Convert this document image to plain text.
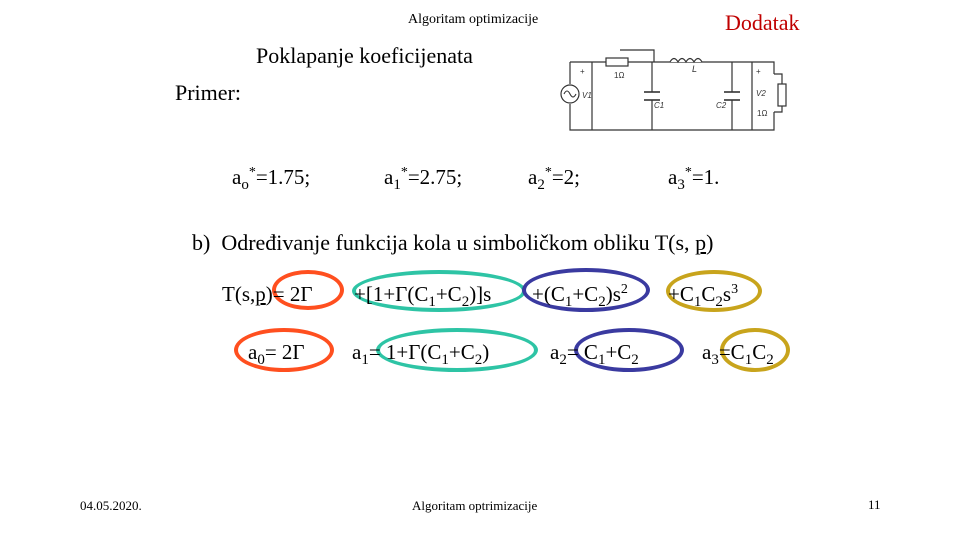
Algoritam optimizacije	Dodatak
Poklapanje koeficijenata
Primer:
1Ω
L
C1	C2
V1	V2
1Ω
+	+
$a_o^*=1.75$;	$a_1^*=2.75$;	$a_2^*=2$;	$a_3^*=1$.
b) Određivanje funkcija kola u simboličkom obliku T(s, p)
$T(s,p)= 2\Gamma +[1+\Gamma(C_1+C_2)]s +(C_1+C_2)s^2 +C_1C_2s^3$
$a_0= 2\Gamma$ $a_1= 1+\Gamma(C_1+C_2)$	$a_2= C_1+C_2$	$a_3=C_1C_2$
04.05.2020.	Algoritam optrimizacije	11
